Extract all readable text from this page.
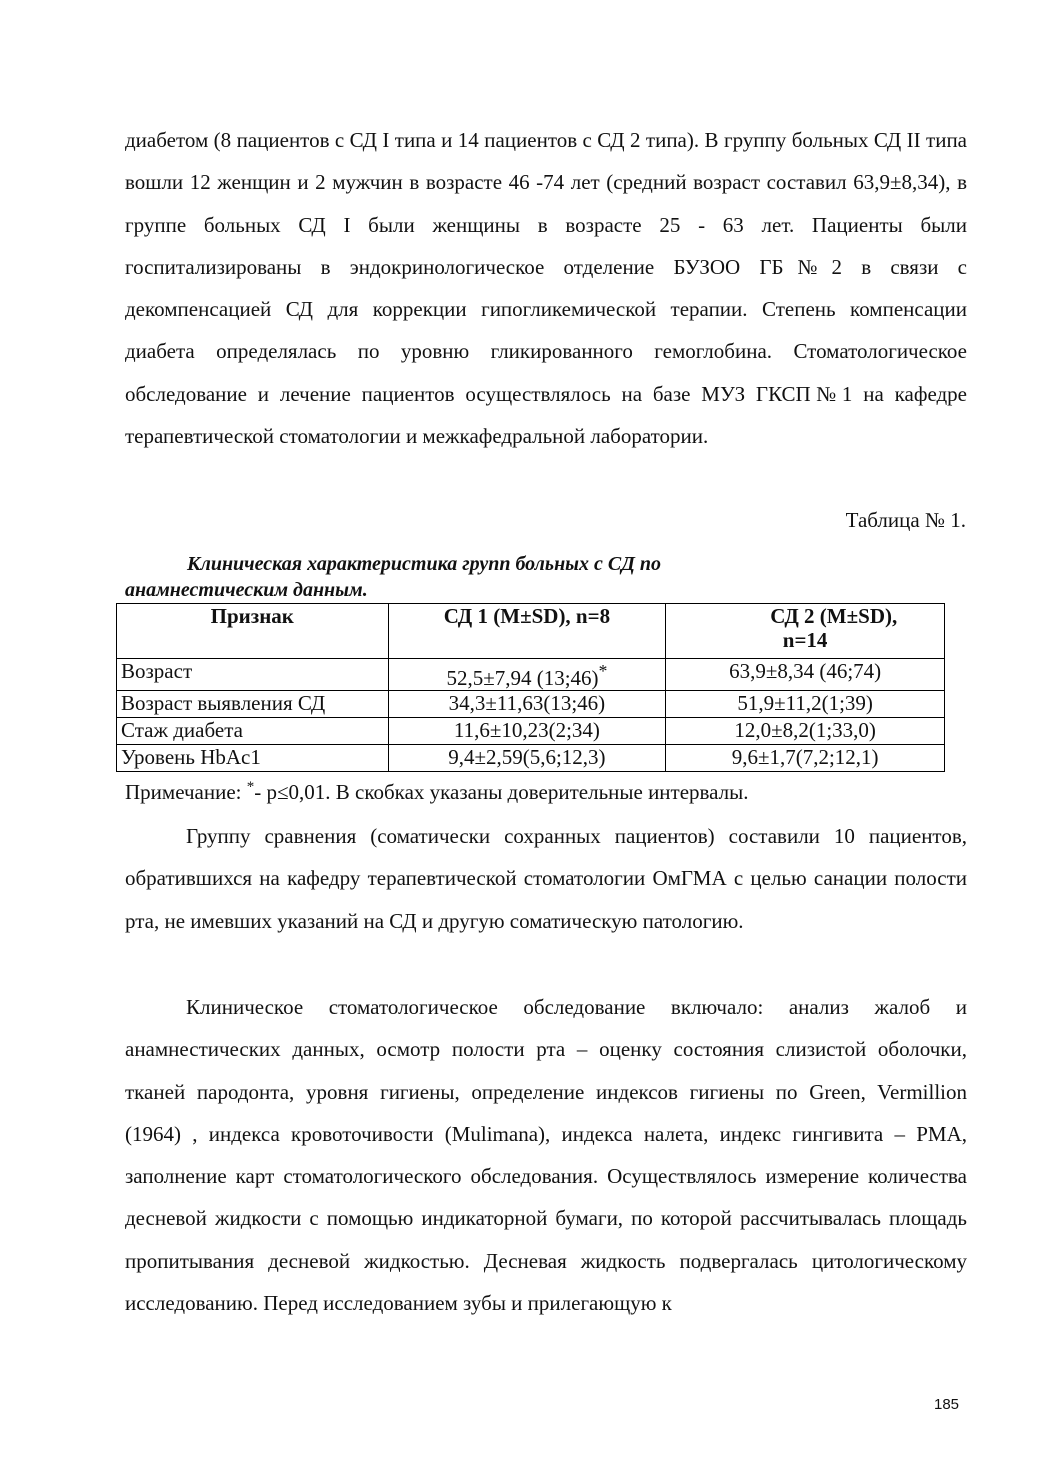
диабетом (8 пациентов с СД I типа и 14 пациентов с СД 2 типа). В группу больных СД II типа вошли 12 женщин и 2 мужчин в возрасте 46 -74 лет (средний возраст составил 63,9±8,34), в группе больных СД I были женщины в возрасте 25 - 63 лет. Пациенты были госпитализированы в эндокринологическое отделение БУЗОО ГБ№2 в связи с декомпенсацией СД для коррекции гипогликемической терапии. Степень компенсации диабета определялась по уровню гликированного гемоглобина. Стоматологическое обследование и лечение пациентов осуществлялось на базе МУЗ ГКСП№1 на кафедре терапевтической стоматологии и межкафедральной лаборатории.
Таблица № 1.
Клиническая характеристика групп больных с СД по
анамнестическим данным.
Признак	СД 1 (M±SD), n=8	СД 2 (M±SD),
n=14
Возраст	52,5±7,94 (13;46)*	63,9±8,34 (46;74)
Возраст выявления СД	34,3±11,63(13;46)	51,9±11,2(1;39)
Стаж диабета	11,6±10,23(2;34)	12,0±8,2(1;33,0)
Уровень HbAc1	9,4±2,59(5,6;12,3)	9,6±1,7(7,2;12,1)
Примечание: *- p≤0,01. В скобках указаны доверительные интервалы.
Группу сравнения (соматически сохранных пациентов) составили 10 пациентов, обратившихся на кафедру терапевтической стоматологии ОмГМА с целью санации полости рта, не имевших указаний на СД и другую соматическую патологию.
Клиническое стоматологическое обследование включало: анализ жалоб и анамнестических данных, осмотр полости рта – оценку состояния слизистой оболочки, тканей пародонта, уровня гигиены, определение индексов гигиены по Green, Vermillion (1964) , индекса кровоточивости (Mulimana), индекса налета, индекс гингивита – PMA, заполнение карт стоматологического обследования. Осуществлялось измерение количества десневой жидкости с помощью индикаторной бумаги, по которой рассчитывалась площадь пропитывания десневой жидкостью. Десневая жидкость подвергалась цитологическому исследованию. Перед исследованием зубы и прилегающую к
185
